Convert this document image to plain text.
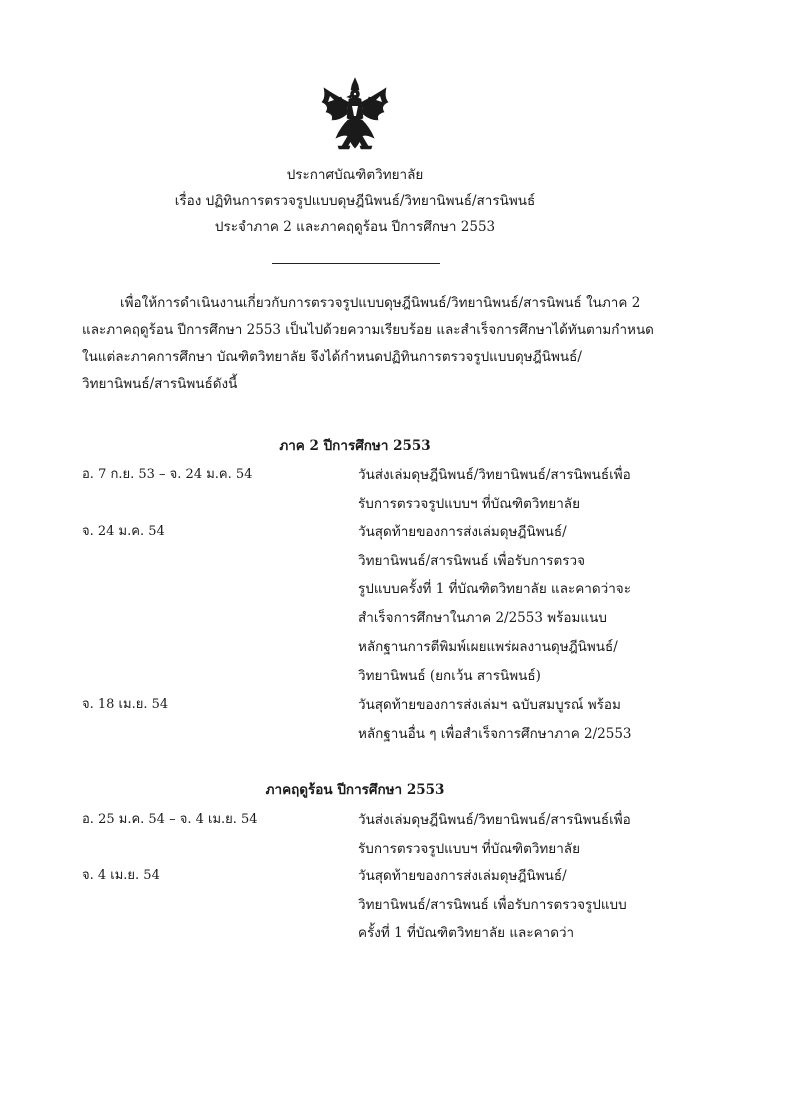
ประกาศบัณฑิตวิทยาลัย
เรื่อง ปฏิทินการตรวจรูปแบบดุษฎีนิพนธ์/วิทยานิพนธ์/สารนิพนธ์
ประจำภาค 2 และภาคฤดูร้อน ปีการศึกษา 2553
เพื่อให้การดำเนินงานเกี่ยวกับการตรวจรูปแบบดุษฎีนิพนธ์/วิทยานิพนธ์/สารนิพนธ์ ในภาค 2
และภาคฤดูร้อน ปีการศึกษา 2553 เป็นไปด้วยความเรียบร้อย และสำเร็จการศึกษาได้ทันตามกำหนด
ในแต่ละภาคการศึกษา บัณฑิตวิทยาลัย จึงได้กำหนดปฏิทินการตรวจรูปแบบดุษฎีนิพนธ์/
วิทยานิพนธ์/สารนิพนธ์ดังนี้
ภาค 2 ปีการศึกษา 2553
อ. 7 ก.ย. 53 – จ. 24 ม.ค. 54	วันส่งเล่มดุษฎีนิพนธ์/วิทยานิพนธ์/สารนิพนธ์เพื่อ
รับการตรวจรูปแบบฯ ที่บัณฑิตวิทยาลัย
จ. 24 ม.ค. 54	วันสุดท้ายของการส่งเล่มดุษฎีนิพนธ์/
วิทยานิพนธ์/สารนิพนธ์ เพื่อรับการตรวจ
รูปแบบครั้งที่ 1 ที่บัณฑิตวิทยาลัย และคาดว่าจะ
สำเร็จการศึกษาในภาค 2/2553 พร้อมแนบ
หลักฐานการตีพิมพ์เผยแพร่ผลงานดุษฎีนิพนธ์/
วิทยานิพนธ์ (ยกเว้น สารนิพนธ์)
จ. 18 เม.ย. 54	วันสุดท้ายของการส่งเล่มฯ ฉบับสมบูรณ์ พร้อม
หลักฐานอื่น ๆ เพื่อสำเร็จการศึกษาภาค 2/2553
ภาคฤดูร้อน ปีการศึกษา 2553
อ. 25 ม.ค. 54 – จ. 4 เม.ย. 54	วันส่งเล่มดุษฎีนิพนธ์/วิทยานิพนธ์/สารนิพนธ์เพื่อ
รับการตรวจรูปแบบฯ ที่บัณฑิตวิทยาลัย
จ. 4 เม.ย. 54	วันสุดท้ายของการส่งเล่มดุษฎีนิพนธ์/
วิทยานิพนธ์/สารนิพนธ์ เพื่อรับการตรวจรูปแบบ
ครั้งที่ 1 ที่บัณฑิตวิทยาลัย และคาดว่า
